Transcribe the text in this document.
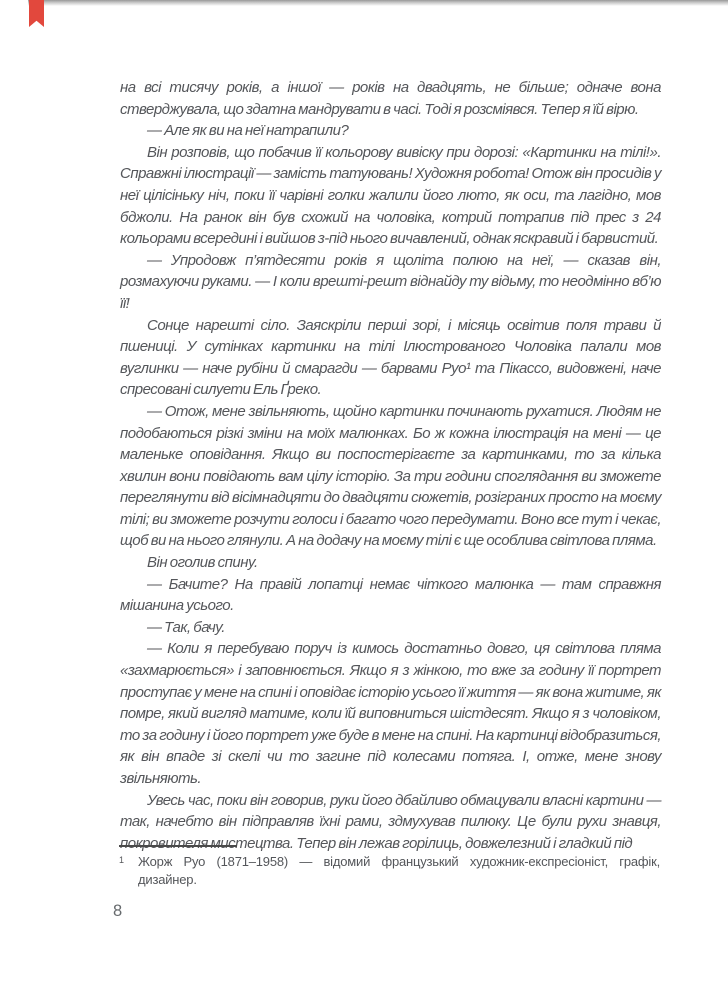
на всі тисячу років, а іншої — років на двадцять, не більше; одначе вона стверджувала, що здатна мандрувати в часі. Тоді я розсміявся. Тепер я їй вірю.

— Але як ви на неї натрапили?

Він розповів, що побачив її кольорову вивіску при дорозі: «Картинки на тілі!». Справжні ілюстрації — замість татуювань! Художня робота! Отож він просидів у неї цілісіньку ніч, поки її чарівні голки жалили його люто, як оси, та лагідно, мов бджоли. На ранок він був схожий на чоловіка, котрий потрапив під прес з 24 кольорами всередині і вийшов з-під нього вичавлений, однак яскравий і барвистий.

— Упродовж п’ятдесяти років я щоліта полюю на неї, — сказав він, розмахуючи руками. — І коли врешті-решт віднайду ту відьму, то неодмінно вб’ю її!

Сонце нарешті сіло. Заяскріли перші зорі, і місяць освітив поля трави й пшениці. У сутінках картинки на тілі Ілюстрованого Чоловіка палали мов вуглинки — наче рубіни й смарагди — барвами Руо¹ та Пікассо, видовжені, наче спресовані силуети Ель Ґреко.

— Отож, мене звільняють, щойно картинки починають рухатися. Людям не подобаються різкі зміни на моїх малюнках. Бо ж кожна ілюстрація на мені — це маленьке оповідання. Якщо ви поспостерігаєте за картинками, то за кілька хвилин вони повідають вам цілу історію. За три години споглядання ви зможете переглянути від вісімнадцяти до двадцяти сюжетів, розіграних просто на моєму тілі; ви зможете розчути голоси і багато чого передумати. Воно все тут і чекає, щоб ви на нього глянули. А на додачу на моєму тілі є ще особлива світлова пляма.

Він оголив спину.

— Бачите? На правій лопатці немає чіткого малюнка — там справжня мішанина усього.

— Так, бачу.

— Коли я перебуваю поруч із кимось достатньо довго, ця світлова пляма «захмарюється» і заповнюється. Якщо я з жінкою, то вже за годину її портрет проступає у мене на спині і оповідає історію усього її життя — як вона житиме, як помре, який вигляд матиме, коли їй виповниться шістдесят. Якщо я з чоловіком, то за годину і його портрет уже буде в мене на спині. На картинці відобразиться, як він впаде зі скелі чи то загине під колесами потяга. І, отже, мене знову звільняють.

Увесь час, поки він говорив, руки його дбайливо обмацували власні картини — так, начебто він підправляв їхні рами, здмухував пилюку. Це були рухи знавця, покровителя мистецтва. Тепер він лежав горілиць, довжелезний і гладкий під

1 Жорж Руо (1871–1958) — відомий французький художник-експресіоніст, графік, дизайнер.
8
